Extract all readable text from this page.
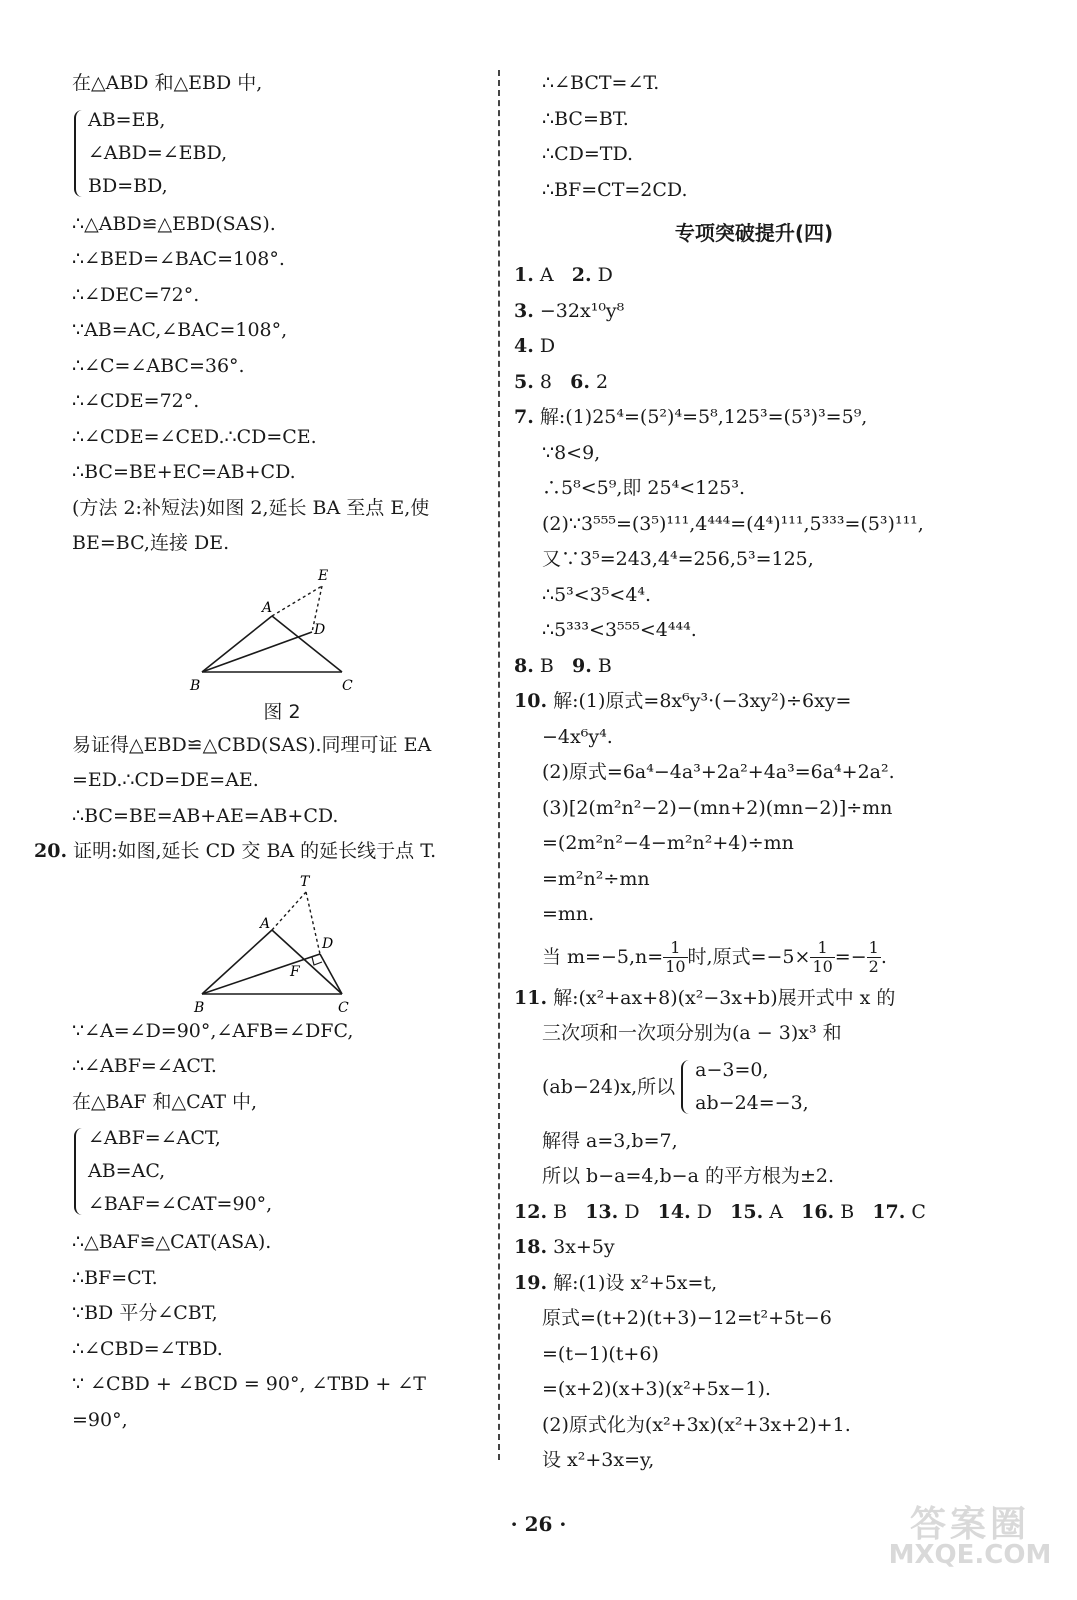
在△ABD 和△EBD 中,
AB=EB,
∠ABD=∠EBD,
BD=BD,
∴△ABD≌△EBD(SAS).
∴∠BED=∠BAC=108°.
∴∠DEC=72°.
∵AB=AC,∠BAC=108°,
∴∠C=∠ABC=36°.
∴∠CDE=72°.
∴∠CDE=∠CED.∴CD=CE.
∴BC=BE+EC=AB+CD.
(方法 2:补短法)如图 2,延长 BA 至点 E,使
BE=BC,连接 DE.
A
E
D
B	C
图 2
易证得△EBD≌△CBD(SAS).同理可证 EA
=ED.∴CD=DE=AE.
∴BC=BE=AB+AE=AB+CD.
20. 证明:如图,延长 CD 交 BA 的延长线于点 T.
T
A
D
F
B	C
∵∠A=∠D=90°,∠AFB=∠DFC,
∴∠ABF=∠ACT.
在△BAF 和△CAT 中,
∠ABF=∠ACT,
AB=AC,
∠BAF=∠CAT=90°,
∴△BAF≌△CAT(ASA).
∴BF=CT.
∵BD 平分∠CBT,
∴∠CBD=∠TBD.
∵ ∠CBD + ∠BCD = 90°, ∠TBD + ∠T
=90°,
∴∠BCT=∠T.
∴BC=BT.
∴CD=TD.
∴BF=CT=2CD.
专项突破提升(四)
1. A 2. D
3. −32x¹⁰y⁸
4. D
5. 8 6. 2
7. 解:(1)25⁴=(5²)⁴=5⁸,125³=(5³)³=5⁹,
∵8<9,
∴5⁸<5⁹,即 25⁴<125³.
(2)∵3⁵⁵⁵=(3⁵)¹¹¹,4⁴⁴⁴=(4⁴)¹¹¹,5³³³=(5³)¹¹¹,
又∵3⁵=243,4⁴=256,5³=125,
∴5³<3⁵<4⁴.
∴5³³³<3⁵⁵⁵<4⁴⁴⁴.
8. B 9. B
10. 解:(1)原式=8x⁶y³·(−3xy²)÷6xy=
−4x⁶y⁴.
(2)原式=6a⁴−4a³+2a²+4a³=6a⁴+2a².
(3)[2(m²n²−2)−(mn+2)(mn−2)]÷mn
=(2m²n²−4−m²n²+4)÷mn
=m²n²÷mn
=mn.
当 $m=-5,n= \frac{1}{10}$ 时,原式$=-5\times \frac{1}{10} =- \frac{1}{2}$ .
11. 解:(x²+ax+8)(x²−3x+b)展开式中 x 的
三次项和一次项分别为(a − 3)x³ 和
(ab−24)x,所以
a−3=0,
ab−24=−3,
解得 a=3,b=7,
所以 b−a=4,b−a 的平方根为±2.
12. B 13. D 14. D 15. A 16. B 17. C
18. 3x+5y
19. 解:(1)设 x²+5x=t,
原式=(t+2)(t+3)−12=t²+5t−6
=(t−1)(t+6)
=(x+2)(x+3)(x²+5x−1).
(2)原式化为(x²+3x)(x²+3x+2)+1.
设 x²+3x=y,
· 26 ·	答案圈
MXQE.COM
